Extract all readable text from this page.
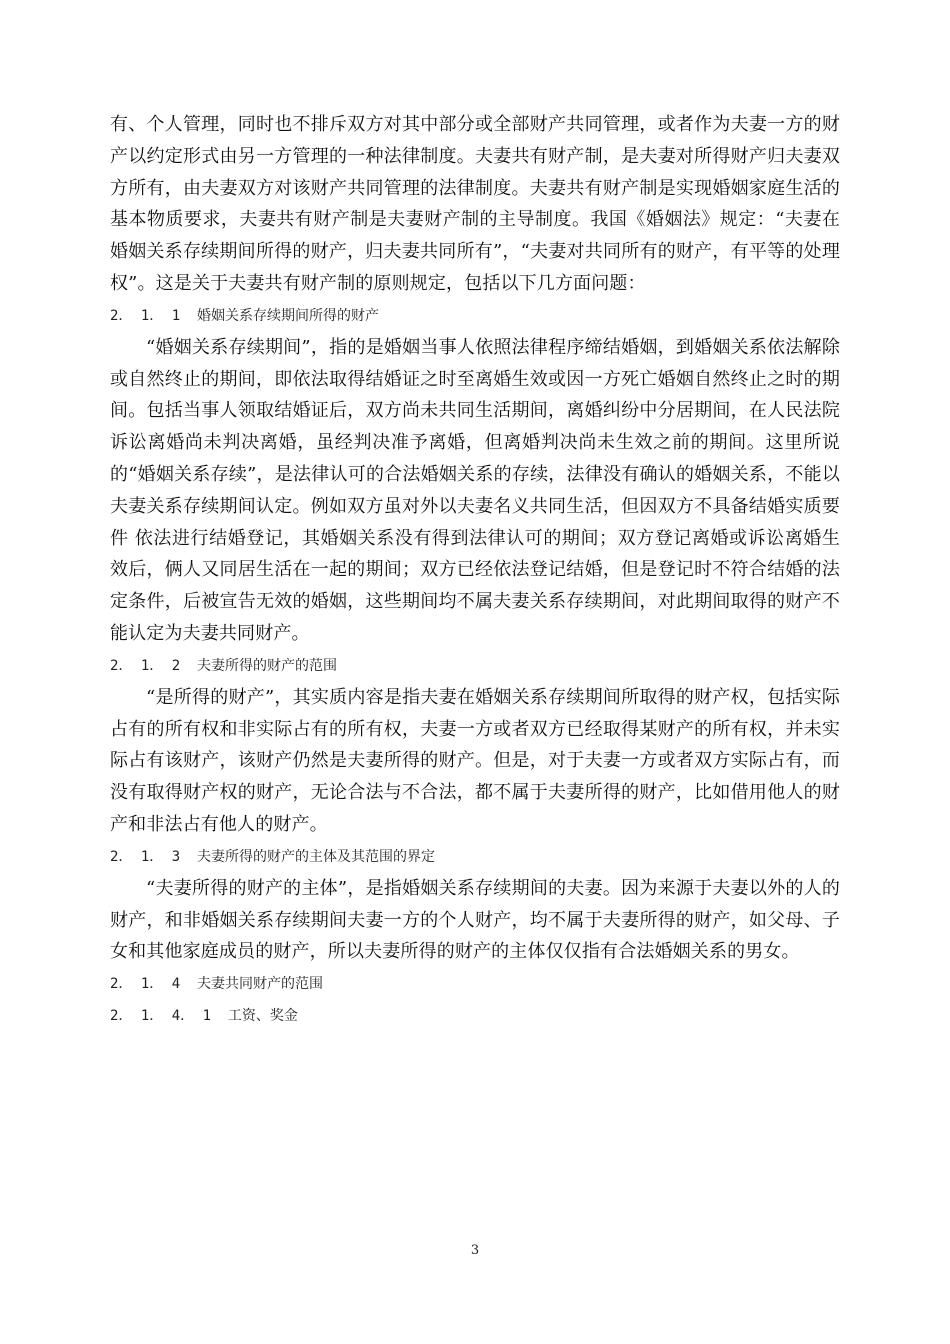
有、个人管理，同时也不排斥双方对其中部分或全部财产共同管理，或者作为夫妻一方的财产以约定形式由另一方管理的一种法律制度。夫妻共有财产制，是夫妻对所得财产归夫妻双方所有，由夫妻双方对该财产共同管理的法律制度。夫妻共有财产制是实现婚姻家庭生活的基本物质要求，夫妻共有财产制是夫妻财产制的主导制度。我国《婚姻法》规定：“夫妻在婚姻关系存续期间所得的财产，归夫妻共同所有”，“夫妻对共同所有的财产，有平等的处理权”。这是关于夫妻共有财产制的原则规定，包括以下几方面问题：

2． 1． 1  婚姻关系存续期间所得的财产

“婚姻关系存续期间”，指的是婚姻当事人依照法律程序缔结婚姻，到婚姻关系依法解除或自然终止的期间，即依法取得结婚证之时至离婚生效或因一方死亡婚姻自然终止之时的期间。包括当事人领取结婚证后，双方尚未共同生活期间，离婚纠纷中分居期间，在人民法院诉讼离婚尚未判决离婚，虽经判决准予离婚，但离婚判决尚未生效之前的期间。这里所说的“婚姻关系存续”，是法律认可的合法婚姻关系的存续，法律没有确认的婚姻关系，不能以夫妻关系存续期间认定。例如双方虽对外以夫妻名义共同生活，但因双方不具备结婚实质要件 依法进行结婚登记，其婚姻关系没有得到法律认可的期间；双方登记离婚或诉讼离婚生效后，俩人又同居生活在一起的期间；双方已经依法登记结婚，但是登记时不符合结婚的法定条件，后被宣告无效的婚姻，这些期间均不属夫妻关系存续期间，对此期间取得的财产不能认定为夫妻共同财产。

2． 1． 2  夫妻所得的财产的范围

“是所得的财产”，其实质内容是指夫妻在婚姻关系存续期间所取得的财产权，包括实际占有的所有权和非实际占有的所有权，夫妻一方或者双方已经取得某财产的所有权，并未实际占有该财产，该财产仍然是夫妻所得的财产。但是，对于夫妻一方或者双方实际占有，而没有取得财产权的财产，无论合法与不合法，都不属于夫妻所得的财产，比如借用他人的财产和非法占有他人的财产。

2． 1． 3  夫妻所得的财产的主体及其范围的界定

“夫妻所得的财产的主体”，是指婚姻关系存续期间的夫妻。因为来源于夫妻以外的人的财产，和非婚姻关系存续期间夫妻一方的个人财产，均不属于夫妻所得的财产，如父母、子女和其他家庭成员的财产，所以夫妻所得的财产的主体仅仅指有合法婚姻关系的男女。

2． 1． 4  夫妻共同财产的范围

2． 1． 4． 1  工资、奖金

3
